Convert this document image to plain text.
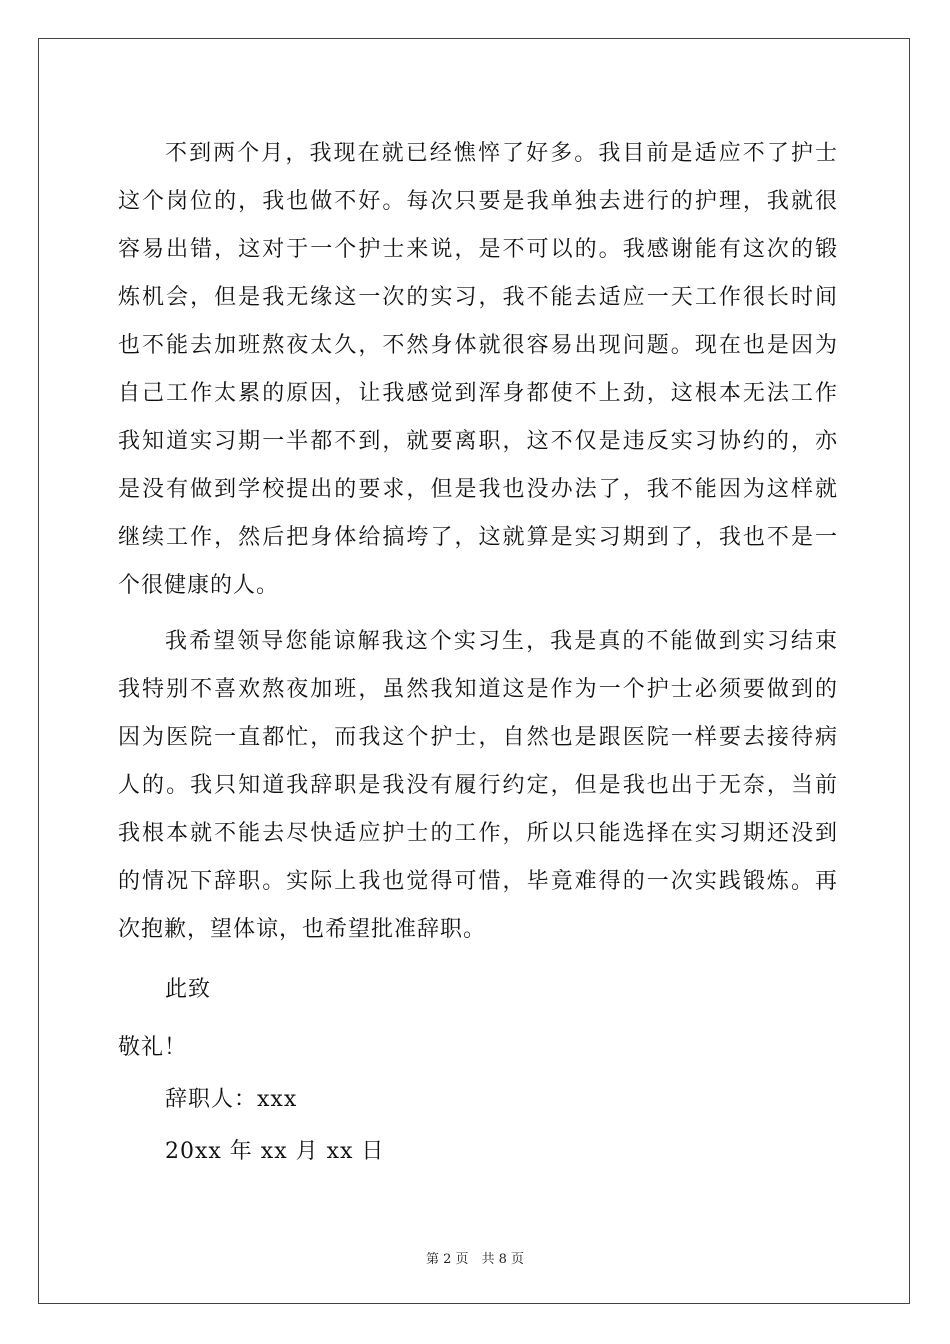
不到两个月，我现在就已经憔悴了好多。我目前是适应不了护士
这个岗位的，我也做不好。每次只要是我单独去进行的护理，我就很
容易出错，这对于一个护士来说，是不可以的。我感谢能有这次的锻
炼机会，但是我无缘这一次的实习，我不能去适应一天工作很长时间
也不能去加班熬夜太久，不然身体就很容易出现问题。现在也是因为
自己工作太累的原因，让我感觉到浑身都使不上劲，这根本无法工作
我知道实习期一半都不到，就要离职，这不仅是违反实习协约的，亦
是没有做到学校提出的要求，但是我也没办法了，我不能因为这样就
继续工作，然后把身体给搞垮了，这就算是实习期到了，我也不是一
个很健康的人。
我希望领导您能谅解我这个实习生，我是真的不能做到实习结束
我特别不喜欢熬夜加班，虽然我知道这是作为一个护士必须要做到的
因为医院一直都忙，而我这个护士，自然也是跟医院一样要去接待病
人的。我只知道我辞职是我没有履行约定，但是我也出于无奈，当前
我根本就不能去尽快适应护士的工作，所以只能选择在实习期还没到
的情况下辞职。实际上我也觉得可惜，毕竟难得的一次实践锻炼。再
次抱歉，望体谅，也希望批准辞职。
此致
敬礼！
辞职人：xxx
20xx 年 xx 月 xx 日
第 2 页　共 8 页
